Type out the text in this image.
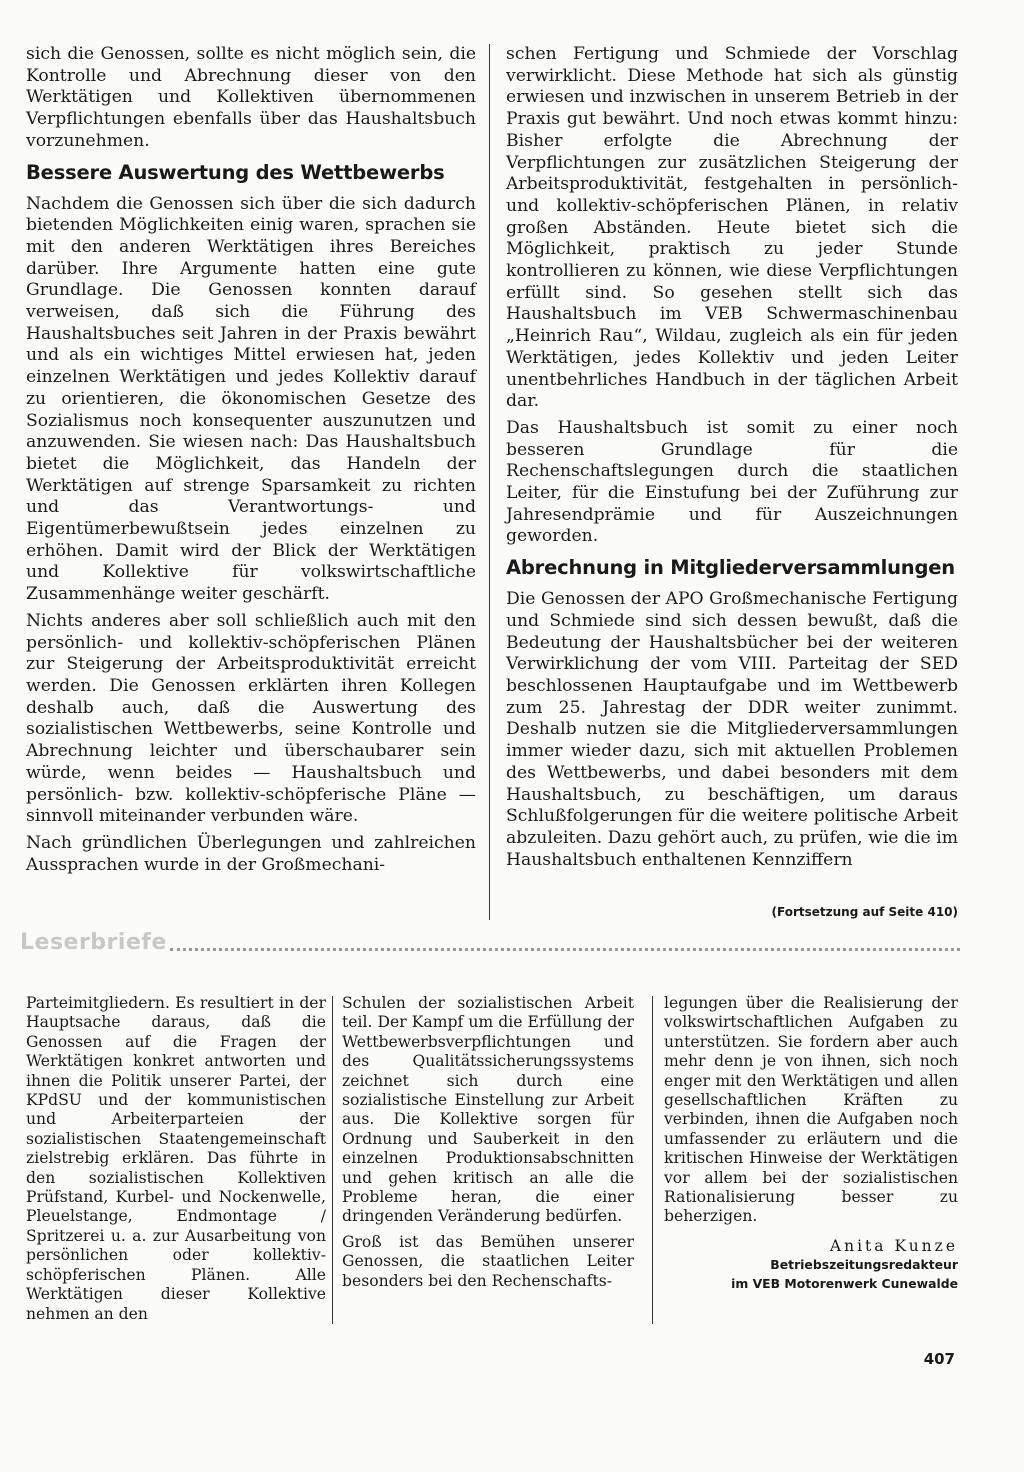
sich die Genossen, sollte es nicht möglich sein, die Kontrolle und Abrechnung dieser von den Werktätigen und Kollektiven übernommenen Verpflichtungen ebenfalls über das Haushaltsbuch vorzunehmen.

Bessere Auswertung des Wettbewerbs

Nachdem die Genossen sich über die sich dadurch bietenden Möglichkeiten einig waren, sprachen sie mit den anderen Werktätigen ihres Bereiches darüber. Ihre Argumente hatten eine gute Grundlage. Die Genossen konnten darauf verweisen, daß sich die Führung des Haushaltsbuches seit Jahren in der Praxis bewährt und als ein wichtiges Mittel erwiesen hat, jeden einzelnen Werktätigen und jedes Kollektiv darauf zu orientieren, die ökonomischen Gesetze des Sozialismus noch konsequenter auszunutzen und anzuwenden. Sie wiesen nach: Das Haushaltsbuch bietet die Möglichkeit, das Handeln der Werktätigen auf strenge Sparsamkeit zu richten und das Verantwortungs- und Eigentümerbewußtsein jedes einzelnen zu erhöhen. Damit wird der Blick der Werktätigen und Kollektive für volkswirtschaftliche Zusammenhänge weiter geschärft.

Nichts anderes aber soll schließlich auch mit den persönlich- und kollektiv-schöpferischen Plänen zur Steigerung der Arbeitsproduktivität erreicht werden. Die Genossen erklärten ihren Kollegen deshalb auch, daß die Auswertung des sozialistischen Wettbewerbs, seine Kontrolle und Abrechnung leichter und überschaubarer sein würde, wenn beides — Haushaltsbuch und persönlich- bzw. kollektiv-schöpferische Pläne — sinnvoll miteinander verbunden wäre.

Nach gründlichen Überlegungen und zahlreichen Aussprachen wurde in der Großmechani-

schen Fertigung und Schmiede der Vorschlag verwirklicht. Diese Methode hat sich als günstig erwiesen und inzwischen in unserem Betrieb in der Praxis gut bewährt. Und noch etwas kommt hinzu: Bisher erfolgte die Abrechnung der Verpflichtungen zur zusätzlichen Steigerung der Arbeitsproduktivität, festgehalten in persönlich- und kollektiv-schöpferischen Plänen, in relativ großen Abständen. Heute bietet sich die Möglichkeit, praktisch zu jeder Stunde kontrollieren zu können, wie diese Verpflichtungen erfüllt sind. So gesehen stellt sich das Haushaltsbuch im VEB Schwermaschinenbau „Heinrich Rau“, Wildau, zugleich als ein für jeden Werktätigen, jedes Kollektiv und jeden Leiter unentbehrliches Handbuch in der täglichen Arbeit dar.

Das Haushaltsbuch ist somit zu einer noch besseren Grundlage für die Rechenschaftslegungen durch die staatlichen Leiter, für die Einstufung bei der Zuführung zur Jahresendprämie und für Auszeichnungen geworden.

Abrechnung in Mitgliederversammlungen

Die Genossen der APO Großmechanische Fertigung und Schmiede sind sich dessen bewußt, daß die Bedeutung der Haushaltsbücher bei der weiteren Verwirklichung der vom VIII. Parteitag der SED beschlossenen Hauptaufgabe und im Wettbewerb zum 25. Jahrestag der DDR weiter zunimmt. Deshalb nutzen sie die Mitgliederversammlungen immer wieder dazu, sich mit aktuellen Problemen des Wettbewerbs, und dabei besonders mit dem Haushaltsbuch, zu beschäftigen, um daraus Schlußfolgerungen für die weitere politische Arbeit abzuleiten. Dazu gehört auch, zu prüfen, wie die im Haushaltsbuch enthaltenen Kennziffern

(Fortsetzung auf Seite 410)
Leserbriefe

Parteimitgliedern. Es resultiert in der Hauptsache daraus, daß die Genossen auf die Fragen der Werktätigen konkret antworten und ihnen die Politik unserer Partei, der KPdSU und der kommunistischen und Arbeiterparteien der sozialistischen Staatengemeinschaft zielstrebig erklären. Das führte in den sozialistischen Kollektiven Prüfstand, Kurbel- und Nockenwelle, Pleuelstange, Endmontage / Spritzerei u. a. zur Ausarbeitung von persönlichen oder kollektiv-schöpferischen Plänen. Alle Werktätigen dieser Kollektive nehmen an den

Schulen der sozialistischen Arbeit teil. Der Kampf um die Erfüllung der Wettbewerbsverpflichtungen und des Qualitätssicherungssystems zeichnet sich durch eine sozialistische Einstellung zur Arbeit aus. Die Kollektive sorgen für Ordnung und Sauberkeit in den einzelnen Produktionsabschnitten und gehen kritisch an alle die Probleme heran, die einer dringenden Veränderung bedürfen.

Groß ist das Bemühen unserer Genossen, die staatlichen Leiter besonders bei den Rechenschafts-

legungen über die Realisierung der volkswirtschaftlichen Aufgaben zu unterstützen. Sie fordern aber auch mehr denn je von ihnen, sich noch enger mit den Werktätigen und allen gesellschaftlichen Kräften zu verbinden, ihnen die Aufgaben noch umfassender zu erläutern und die kritischen Hinweise der Werktätigen vor allem bei der sozialistischen Rationalisierung besser zu beherzigen.

Anita Kunze
Betriebszeitungsredakteur
im VEB Motorenwerk Cunewalde
407
